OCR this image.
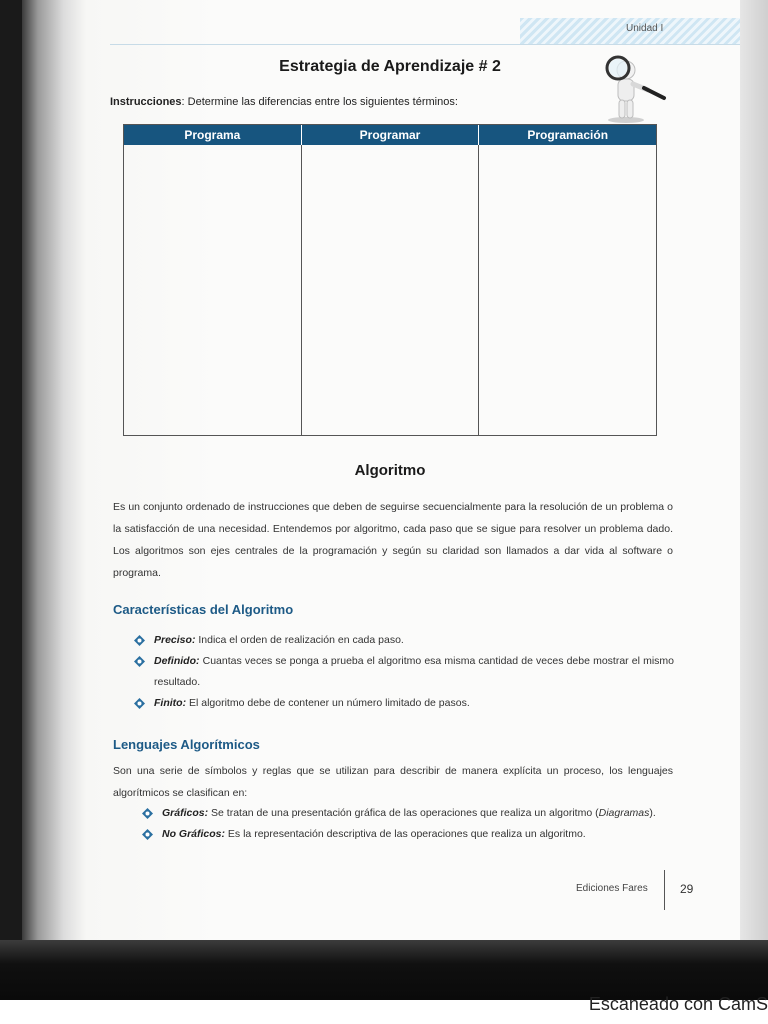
Unidad I
Estrategia de Aprendizaje # 2
Instrucciones: Determine las diferencias entre los siguientes términos:
Programa	Programar	Programación
Algoritmo

Es un conjunto ordenado de instrucciones que deben de seguirse secuencialmente para la resolución de un problema o la satisfacción de una necesidad. Entendemos por algoritmo, cada paso que se sigue para resolver un problema dado. Los algoritmos son ejes centrales de la programación y según su claridad son llamados a dar vida al software o programa.

Características del Algoritmo
Preciso: Indica el orden de realización en cada paso.
Definido: Cuantas veces se ponga a prueba el algoritmo esa misma cantidad de veces debe mostrar el mismo resultado.
Finito: El algoritmo debe de contener un número limitado de pasos.
Lenguajes Algorítmicos

Son una serie de símbolos y reglas que se utilizan para describir de manera explícita un proceso, los lenguajes algorítmicos se clasifican en:

Gráficos: Se tratan de una presentación gráfica de las operaciones que realiza un algoritmo (Diagramas).
No Gráficos: Es la representación descriptiva de las operaciones que realiza un algoritmo.
Ediciones Fares	29
Escaneado con CamS
